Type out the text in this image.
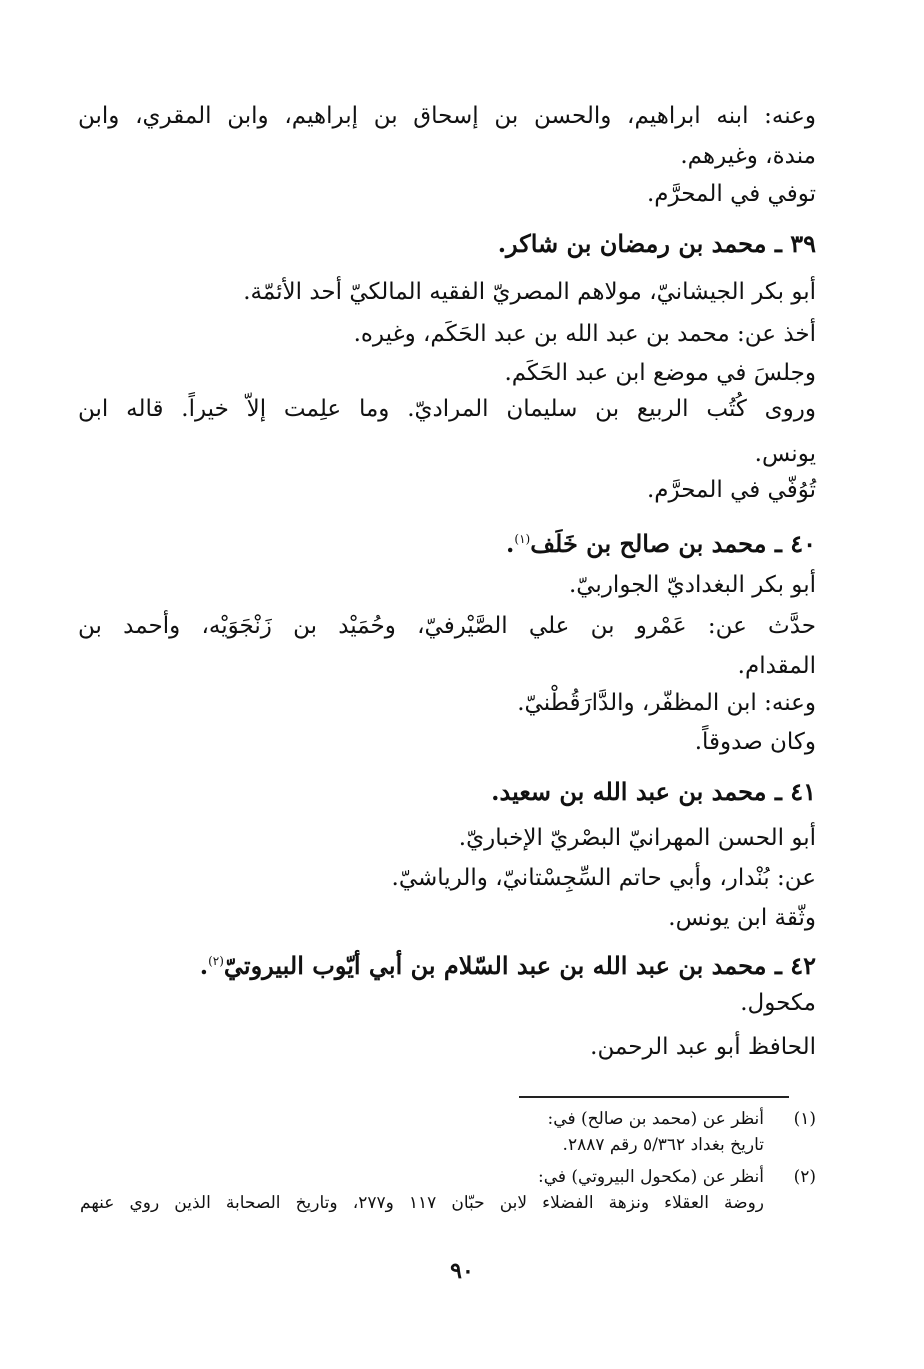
وعنه: ابنه ابراهيم، والحسن بن إسحاق بن إبراهيم، وابن المقري، وابن
مندة، وغيرهم.
توفي في المحرَّم.
٣٩ ـ محمد بن رمضان بن شاكر.
أبو بكر الجيشانيّ، مولاهم المصريّ الفقيه المالكيّ أحد الأئمّة.
أخذ عن: محمد بن عبد الله بن عبد الحَكَم، وغيره.
وجلسَ في موضع ابن عبد الحَكَم.
وروى كُتُب الربيع بن سليمان المراديّ. وما علِمت إلاّ خيراً. قاله ابن
يونس.
تُوُفّي في المحرَّم.
٤٠ ـ محمد بن صالح بن خَلَف$^{(١)}$.
أبو بكر البغداديّ الجواربيّ.
حدَّث عن: عَمْرو بن علي الصَّيْرفيّ، وحُمَيْد بن زَنْجَوَيْه، وأحمد بن
المقدام.
وعنه: ابن المظفّر، والدَّارَقُطْنيّ.
وكان صدوقاً.
٤١ ـ محمد بن عبد الله بن سعيد.
أبو الحسن المهرانيّ البصْريّ الإخباريّ.
عن: بُنْدار، وأبي حاتم السِّجِسْتانيّ، والرياشيّ.
وثّقة ابن يونس.
٤٢ ـ محمد بن عبد الله بن عبد السّلام بن أبي أيّوب البيروتيّ$^{(٢)}$.
مكحول.
الحافظ أبو عبد الرحمن.
(١)
أنظر عن (محمد بن صالح) في:
تاريخ بغداد ٥/٣٦٢ رقم ٢٨٨٧.
(٢)
أنظر عن (مكحول البيروتي) في:
روضة العقلاء ونزهة الفضلاء لابن حبّان ١١٧ و٢٧٧، وتاريخ الصحابة الذين روي عنهم
٩٠
